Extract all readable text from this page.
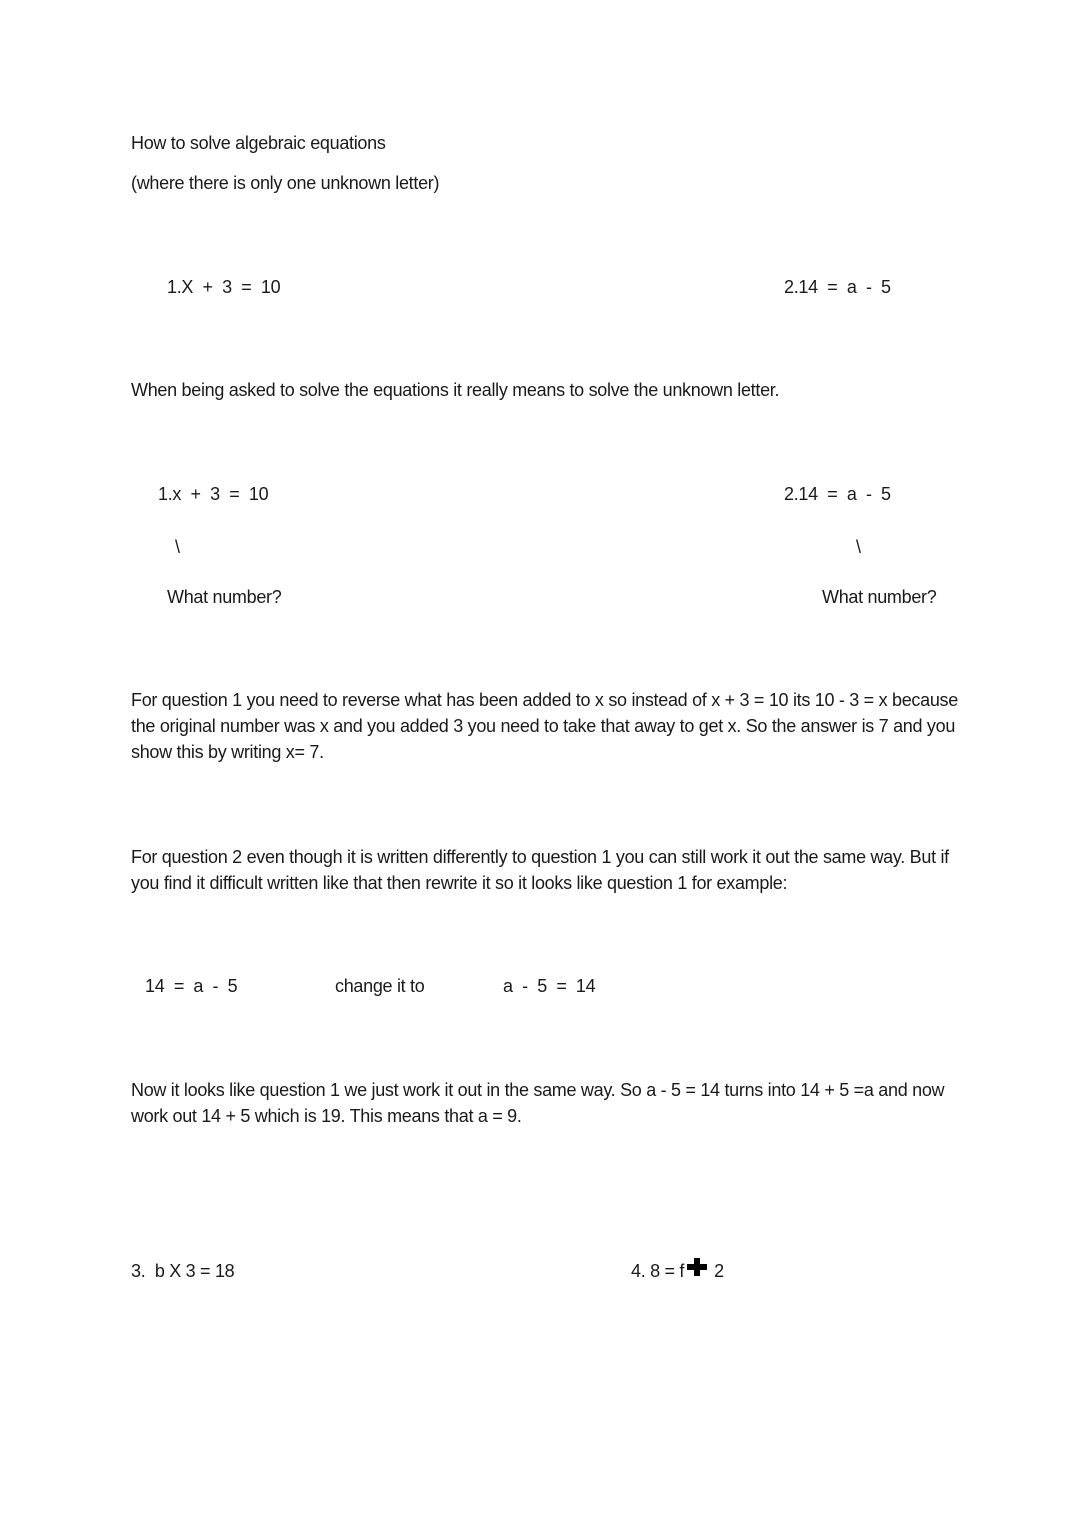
How to solve algebraic equations
(where there is only one unknown letter)
1.X  +  3  =  10	2.14  =  a  -  5
When being asked to solve the equations it really means to solve the unknown letter.
1.x  +  3  =  10	2.14  =  a  -  5
\	\
What number?	What number?
For question 1 you need to reverse what has been added to x so instead of x + 3 = 10 its 10 - 3 = x because the original number was x and you added 3 you need to take that away to get x. So the answer is 7 and you show this by writing x= 7.
For question 2 even though it is written differently to question 1 you can still work it out the same way. But if you find it difficult written like that then rewrite it so it looks like question 1 for example:
14  =  a  -  5	change it to	a  -  5  =  14
Now it looks like question 1 we just work it out in the same way. So a - 5 = 14 turns into 14 + 5 =a and now work out 14 + 5 which is 19. This means that a = 9.
3.  b X 3 = 18	4. 8 = f 2
